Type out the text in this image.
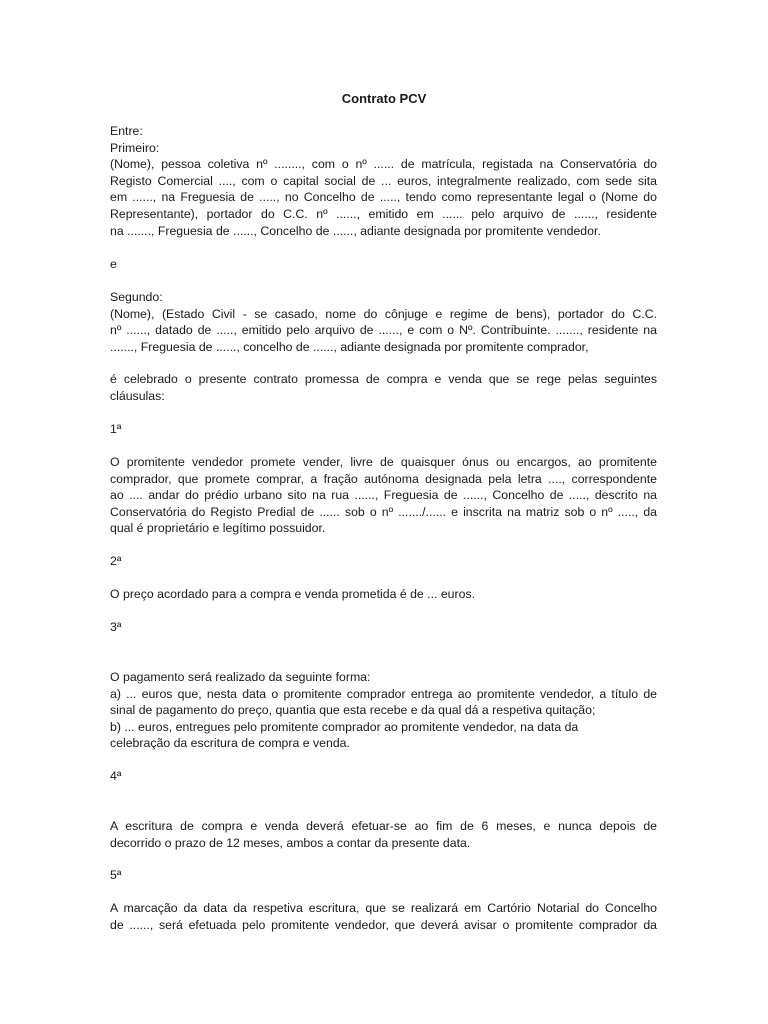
Contrato PCV
Entre:
Primeiro:
(Nome), pessoa coletiva nº ........, com o nº ...... de matrícula, registada na Conservatória do
Registo Comercial ...., com o capital social de ... euros, integralmente realizado, com sede sita
em ......, na Freguesia de ....., no Concelho de ....., tendo como representante legal o (Nome do
Representante), portador do C.C. nº ......, emitido em ...... pelo arquivo de ......, residente
na ......., Freguesia de ......, Concelho de ......, adiante designada por promitente vendedor.
e
Segundo:
(Nome), (Estado Civil - se casado, nome do cônjuge e regime de bens), portador do C.C.
nº ......, datado de ....., emitido pelo arquivo de ......, e com o Nº. Contribuinte. ......., residente na
......., Freguesia de ......, concelho de ......, adiante designada por promitente comprador,
é celebrado o presente contrato promessa de compra e venda que se rege pelas seguintes
cláusulas:
1ª
O promitente vendedor promete vender, livre de quaisquer ónus ou encargos, ao promitente
comprador, que promete comprar, a fração autónoma designada pela letra ...., correspondente
ao .... andar do prédio urbano sito na rua ......, Freguesia de ......, Concelho de ....., descrito na
Conservatória do Registo Predial de ...... sob o nº ......./...... e inscrita na matriz sob o nº ....., da
qual é proprietário e legítimo possuidor.
2ª
O preço acordado para a compra e venda prometida é de ... euros.
3ª
O pagamento será realizado da seguinte forma:
a) ... euros que, nesta data o promitente comprador entrega ao promitente vendedor, a título de
sinal de pagamento do preço, quantia que esta recebe e da qual dá a respetiva quitação;
b) ... euros, entregues pelo promitente comprador ao promitente vendedor, na data da
celebração da escritura de compra e venda.
4ª
A escritura de compra e venda deverá efetuar-se ao fim de 6 meses, e nunca depois de
decorrido o prazo de 12 meses, ambos a contar da presente data.
5ª
A marcação da data da respetiva escritura, que se realizará em Cartório Notarial do Concelho
de ......, será efetuada pelo promitente vendedor, que deverá avisar o promitente comprador da
